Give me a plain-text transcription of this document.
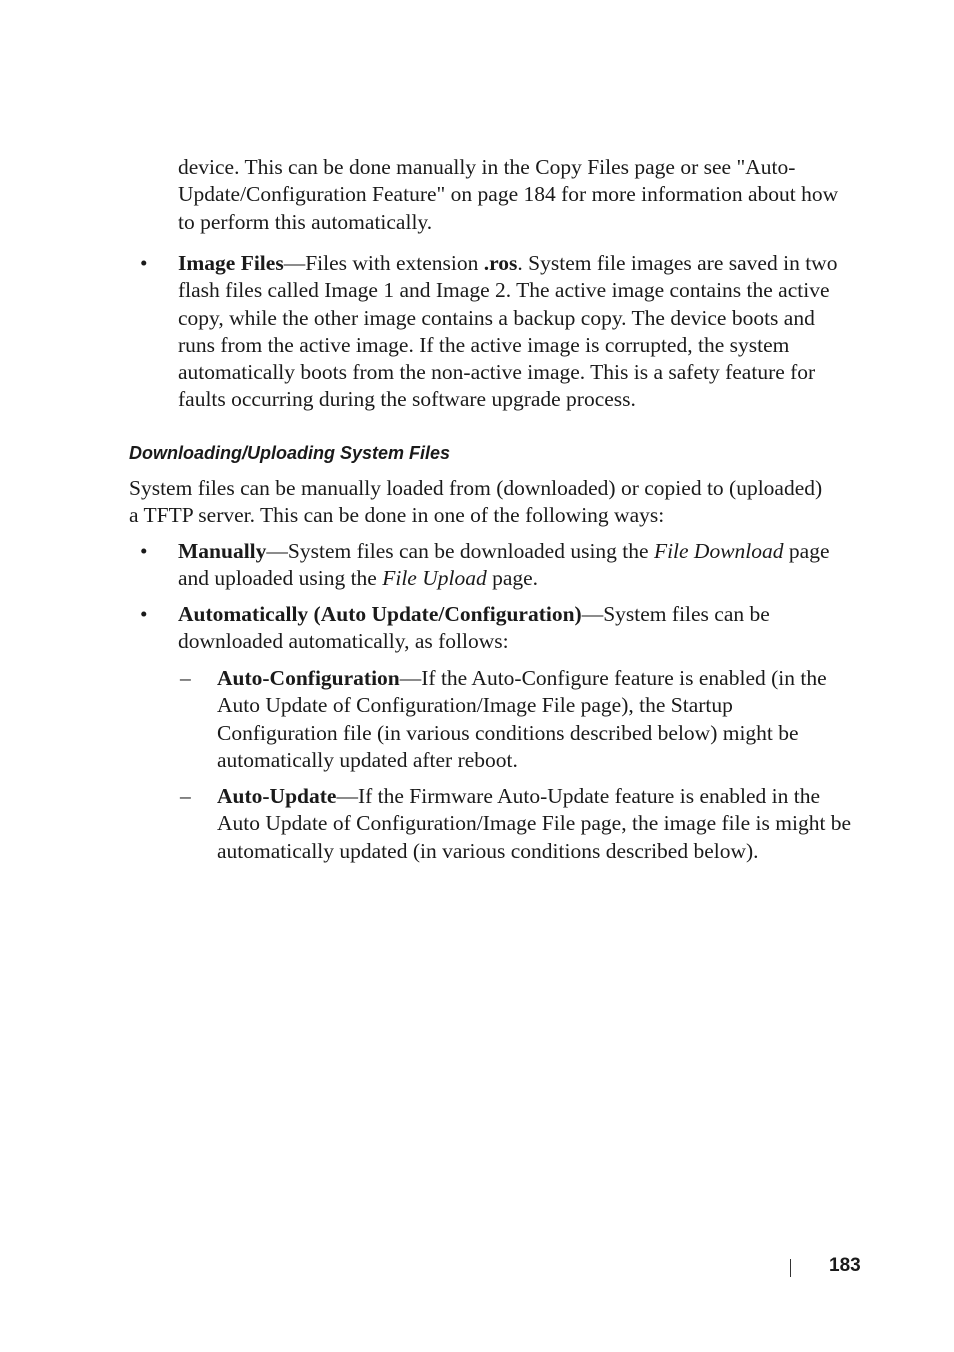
device. This can be done manually in the Copy Files page or see "Auto-Update/Configuration Feature" on page 184 for more information about how to perform this automatically.

• Image Files—Files with extension .ros. System file images are saved in two flash files called Image 1 and Image 2. The active image contains the active copy, while the other image contains a backup copy. The device boots and runs from the active image. If the active image is corrupted, the system automatically boots from the non-active image. This is a safety feature for faults occurring during the software upgrade process.

Downloading/Uploading System Files

System files can be manually loaded from (downloaded) or copied to (uploaded) a TFTP server. This can be done in one of the following ways:

• Manually—System files can be downloaded using the File Download page and uploaded using the File Upload page.

• Automatically (Auto Update/Configuration)—System files can be downloaded automatically, as follows:

– Auto-Configuration—If the Auto-Configure feature is enabled (in the Auto Update of Configuration/Image File page), the Startup Configuration file (in various conditions described below) might be automatically updated after reboot.

– Auto-Update—If the Firmware Auto-Update feature is enabled in the Auto Update of Configuration/Image File page, the image file is might be automatically updated (in various conditions described below).

183
